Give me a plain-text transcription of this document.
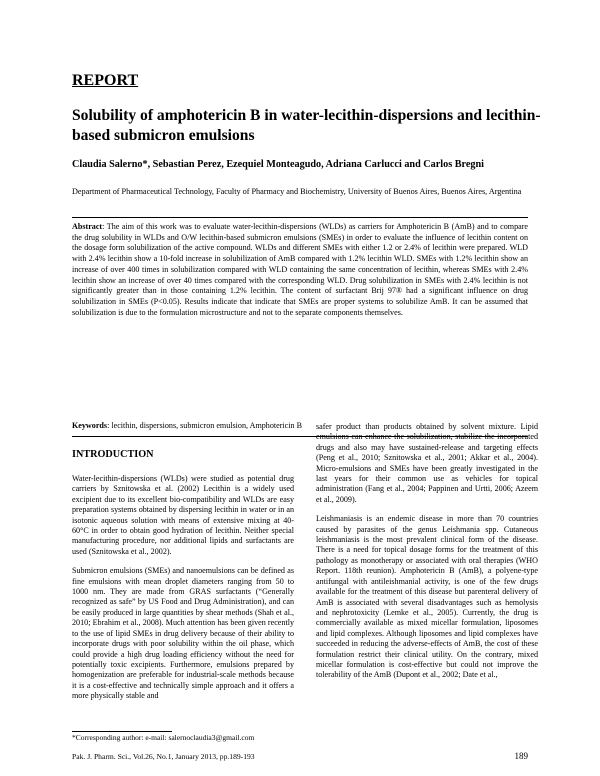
REPORT
Solubility of amphotericin B in water-lecithin-dispersions and lecithin-based submicron emulsions
Claudia Salerno*, Sebastian Perez, Ezequiel Monteagudo, Adriana Carlucci and Carlos Bregni
Department of Pharmaceutical Technology, Faculty of Pharmacy and Biochemistry, University of Buenos Aires, Buenos Aires, Argentina
Abstract: The aim of this work was to evaluate water-lecithin-dispersions (WLDs) as carriers for Amphotericin B (AmB) and to compare the drug solubility in WLDs and O/W lecithin-based submicron emulsions (SMEs) in order to evaluate the influence of lecithin content on the dosage form solubilization of the active compound. WLDs and different SMEs with either 1.2 or 2.4% of lecithin were prepared. WLD with 2.4% lecithin show a 10-fold increase in solubilization of AmB compared with 1.2% lecithin WLD. SMEs with 1.2% lecithin show an increase of over 400 times in solubilization compared with WLD containing the same concentration of lecithin, whereas SMEs with 2.4% lecithin show an increase of over 40 times compared with the corresponding WLD. Drug solubilization in SMEs with 2.4% lecithin is not significantly greater than in those containing 1.2% lecithin. The content of surfactant Brij 97® had a significant influence on drug solubilization in SMEs (P<0.05). Results indicate that indicate that SMEs are proper systems to solubilize AmB. It can be assumed that solubilization is due to the formulation microstructure and not to the separate components themselves.
Keywords: lecithin, dispersions, submicron emulsion, Amphotericin B
INTRODUCTION

Water-lecithin-dispersions (WLDs) were studied as potential drug carriers by Sznitowska et al. (2002) Lecithin is a widely used excipient due to its excellent bio-compatibility and WLDs are easy preparation systems obtained by dispersing lecithin in water or in an isotonic aqueous solution with means of extensive mixing at 40-60°C in order to obtain good hydration of lecithin. Neither special manufacturing procedure, nor additional lipids and surfactants are used (Sznitowska et al., 2002).

Submicron emulsions (SMEs) and nanoemulsions can be defined as fine emulsions with mean droplet diameters ranging from 50 to 1000 nm. They are made from GRAS surfactants (“Generally recognized as safe” by US Food and Drug Administration), and can be easily produced in large quantities by shear methods (Shah et al., 2010; Ebrahim et al., 2008). Much attention has been given recently to the use of lipid SMEs in drug delivery because of their ability to incorporate drugs with poor solubility within the oil phase, which could provide a high drug loading efficiency without the need for potentially toxic excipients. Furthermore, emulsions prepared by homogenization are preferable for industrial-scale methods because it is a cost-effective and technically simple approach and it offers a more physically stable and

safer product than products obtained by solvent mixture. Lipid emulsions can enhance the solubilization, stabilize the incorporated drugs and also may have sustained-release and targeting effects (Peng et al., 2010; Sznitowska et al., 2001; Akkar et al., 2004). Micro-emulsions and SMEs have been greatly investigated in the last years for their common use as vehicles for topical administration (Fang et al., 2004; Pappinen and Urtti, 2006; Azeem et al., 2009).

Leishmaniasis is an endemic disease in more than 70 countries caused by parasites of the genus Leishmania spp. Cutaneous leishmaniasis is the most prevalent clinical form of the disease. There is a need for topical dosage forms for the treatment of this pathology as monotherapy or associated with oral therapies (WHO Report. 118th reunion). Amphotericin B (AmB), a polyene-type antifungal with antileishmanial activity, is one of the few drugs available for the treatment of this disease but parenteral delivery of AmB is associated with several disadvantages such as hemolysis and nephrotoxicity (Lemke et al., 2005). Currently, the drug is commercially available as mixed micellar formulation, liposomes and lipid complexes. Although liposomes and lipid complexes have succeeded in reducing the adverse-effects of AmB, the cost of these formulation restrict their clinical utility. On the contrary, mixed micellar formulation is cost-effective but could not improve the tolerability of the AmB (Dupont et al., 2002; Date et al.,

*Corresponding author: e-mail: salernoclaudia3@gmail.com
Pak. J. Pharm. Sci., Vol.26, No.1, January 2013, pp.189-193	189
